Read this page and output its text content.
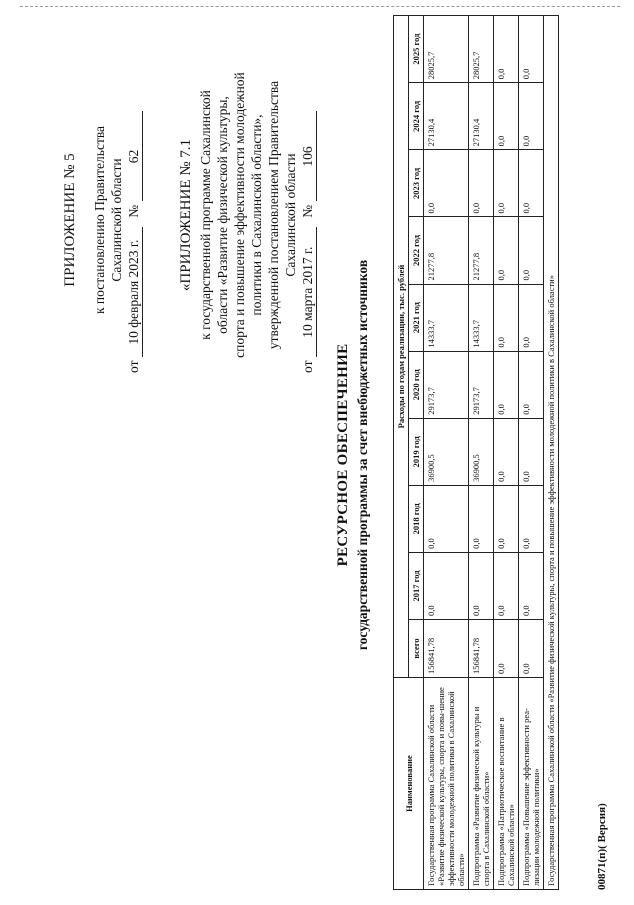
ПРИЛОЖЕНИЕ № 5 к постановлению Правительства Сахалинской области
от 10 февраля 2023 г. № 62 «ПРИЛОЖЕНИЕ № 7.1 к государственной программе Сахалинской области «Развитие физической культуры, спорта и повышение эффективности молодежной политики в Сахалинской области», утвержденной постановлением Правительства Сахалинской области
от 10 марта 2017 г. № 106
РЕСУРСНОЕ ОБЕСПЕЧЕНИЕ государственной программы за счет внебюджетных источников
Наименование	Расходы по годам реализации, тыс. рублей									
	всего	2017 год	2018 год	2019 год	2020 год	2021 год	2022 год	2023 год	2024 год	2025 год
Государственная программа Сахалинской области «Развитие физической культуры, спорта и повы-шение эффективности молодежной политики в Сахалинской области»	156841,78	0,0	0,0	36900,5	29173,7	14333,7	21277,8	0,0	27130,4	28025,7
Подпрограмма «Развитие физической культуры и спорта в Сахалинской области»	156841,78	0,0	0,0	36900,5	29173,7	14333,7	21277,8	0,0	27130,4	28025,7
Подпрограмма «Патриотическое воспитание в Сахалинской области»	0,0	0,0	0,0	0,0	0,0	0,0	0,0	0,0	0,0	0,0
Подпрограмма «Повышение эффективности реа-лизации молодежной политики»	0,0	0,0	0,0	0,0	0,0	0,0	0,0	0,0	0,0	0,0
Государственная программа Сахалинской области «Развитие физической культуры, спорта и повышение эффективности молодежной политики в Сахалинской области»											00871(п)( Версия)
